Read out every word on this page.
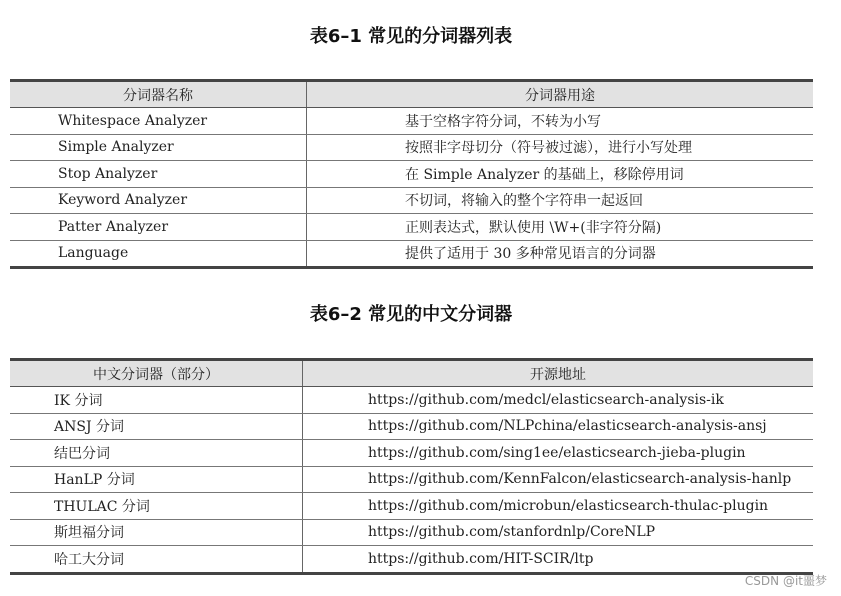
表6–1 常见的分词器列表
分词器名称	分词器用途
Whitespace Analyzer	基于空格字符分词，不转为小写
Simple Analyzer	按照非字母切分（符号被过滤），进行小写处理
Stop Analyzer	在 Simple Analyzer 的基础上，移除停用词
Keyword Analyzer	不切词，将输入的整个字符串一起返回
Patter Analyzer	正则表达式，默认使用 \W+(非字符分隔)
Language	提供了适用于 30 多种常见语言的分词器
表6–2 常见的中文分词器
中文分词器（部分）	开源地址
IK 分词	https://github.com/medcl/elasticsearch-analysis-ik
ANSJ 分词	https://github.com/NLPchina/elasticsearch-analysis-ansj
结巴分词	https://github.com/sing1ee/elasticsearch-jieba-plugin
HanLP 分词	https://github.com/KennFalcon/elasticsearch-analysis-hanlp
THULAC 分词	https://github.com/microbun/elasticsearch-thulac-plugin
斯坦福分词	https://github.com/stanfordnlp/CoreNLP
哈工大分词	https://github.com/HIT-SCIR/ltp
CSDN @it噩梦
